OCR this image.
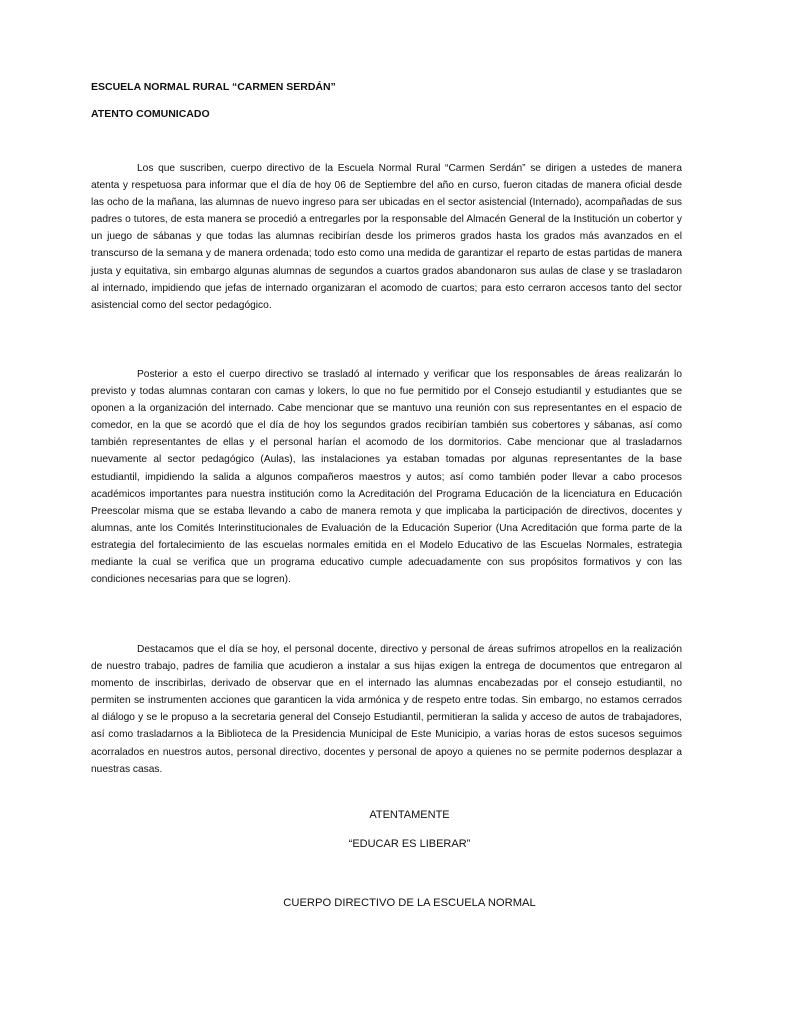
ESCUELA NORMAL RURAL “CARMEN SERDÁN”
ATENTO COMUNICADO

Los que suscriben, cuerpo directivo de la Escuela Normal Rural “Carmen Serdán” se dirigen a ustedes de manera atenta y respetuosa para informar que el día de hoy 06 de Septiembre del año en curso, fueron citadas de manera oficial desde las ocho de la mañana, las alumnas de nuevo ingreso para ser ubicadas en el sector asistencial (Internado), acompañadas de sus padres o tutores, de esta manera se procedió a entregarles por la responsable del Almacén General de la Institución un cobertor y un juego de sábanas y que todas las alumnas recibirían desde los primeros grados hasta los grados más avanzados en el transcurso de la semana y de manera ordenada; todo esto como una medida de garantizar el reparto de estas partidas de manera justa y equitativa, sin embargo algunas alumnas de segundos a cuartos grados abandonaron sus aulas de clase y se trasladaron al internado, impidiendo que jefas de internado organizaran el acomodo de cuartos; para esto cerraron accesos tanto del sector asistencial como del sector pedagógico.

Posterior a esto el cuerpo directivo se trasladó al internado y verificar que los responsables de áreas realizarán lo previsto y todas alumnas contaran con camas y lokers, lo que no fue permitido por el Consejo estudiantil y estudiantes que se oponen a la organización del internado. Cabe mencionar que se mantuvo una reunión con sus representantes en el espacio de comedor, en la que se acordó que el día de hoy los segundos grados recibirían también sus cobertores y sábanas, así como también representantes de ellas y el personal harían el acomodo de los dormitorios. Cabe mencionar que al trasladarnos nuevamente al sector pedagógico (Aulas), las instalaciones ya estaban tomadas por algunas representantes de la base estudiantil, impidiendo la salida a algunos compañeros maestros y autos; así como también poder llevar a cabo procesos académicos importantes para nuestra institución como la Acreditación del Programa Educación de la licenciatura en Educación Preescolar misma que se estaba llevando a cabo de manera remota y que implicaba la participación de directivos, docentes y alumnas, ante los Comités Interinstitucionales de Evaluación de la Educación Superior (Una Acreditación que forma parte de la estrategia del fortalecimiento de las escuelas normales emitida en el Modelo Educativo de las Escuelas Normales, estrategia mediante la cual se verifica que un programa educativo cumple adecuadamente con sus propósitos formativos y con las condiciones necesarias para que se logren).

Destacamos que el día se hoy, el personal docente, directivo y personal de áreas sufrimos atropellos en la realización de nuestro trabajo, padres de familia que acudieron a instalar a sus hijas exigen la entrega de documentos que entregaron al momento de inscribirlas, derivado de observar que en el internado las alumnas encabezadas por el consejo estudiantil, no permiten se instrumenten acciones que garanticen la vida armónica y de respeto entre todas. Sin embargo, no estamos cerrados al diálogo y se le propuso a la secretaria general del Consejo Estudiantil, permitieran la salida y acceso de autos de trabajadores, así como trasladarnos a la Biblioteca de la Presidencia Municipal de Este Municipio, a varias horas de estos sucesos seguimos acorralados en nuestros autos, personal directivo, docentes y personal de apoyo a quienes no se permite podernos desplazar a nuestras casas.

ATENTAMENTE
“EDUCAR ES LIBERAR”
CUERPO DIRECTIVO DE LA ESCUELA NORMAL
